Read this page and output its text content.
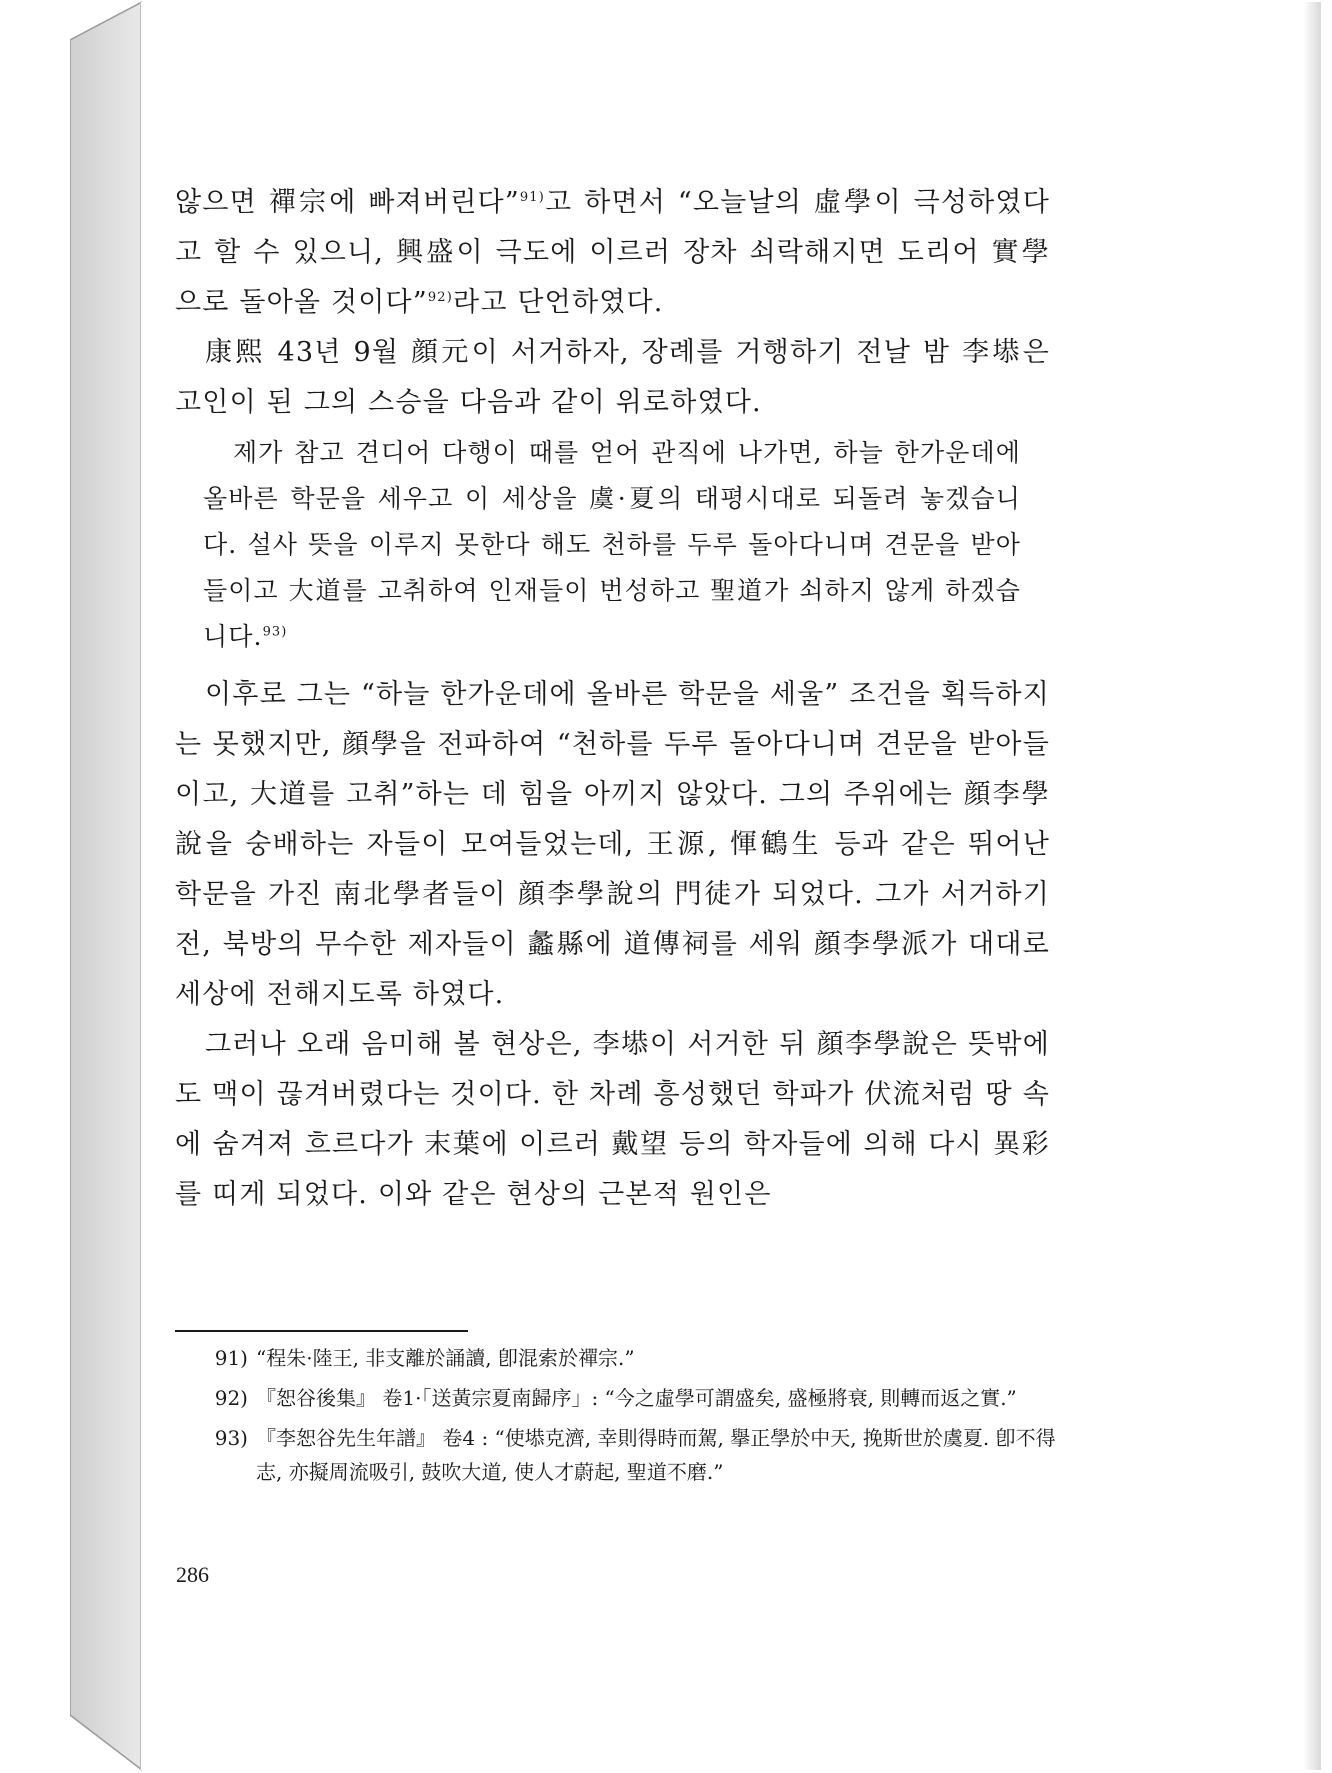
않으면 禪宗에 빠져버린다”$^{91)}$고 하면서 “오늘날의 虛學이 극성하였다고 할 수 있으니, 興盛이 극도에 이르러 장차 쇠락해지면 도리어 實學으로 돌아올 것이다”$^{92)}$라고 단언하였다.

康熙 43년 9월 顔元이 서거하자, 장례를 거행하기 전날 밤 李塨은 고인이 된 그의 스승을 다음과 같이 위로하였다.

제가 참고 견디어 다행이 때를 얻어 관직에 나가면, 하늘 한가운데에 올바른 학문을 세우고 이 세상을 虞·夏의 태평시대로 되돌려 놓겠습니다. 설사 뜻을 이루지 못한다 해도 천하를 두루 돌아다니며 견문을 받아들이고 大道를 고취하여 인재들이 번성하고 聖道가 쇠하지 않게 하겠습니다.$^{93)}$

이후로 그는 “하늘 한가운데에 올바른 학문을 세울” 조건을 획득하지는 못했지만, 顔學을 전파하여 “천하를 두루 돌아다니며 견문을 받아들이고, 大道를 고취”하는 데 힘을 아끼지 않았다. 그의 주위에는 顔李學說을 숭배하는 자들이 모여들었는데, 王源, 惲鶴生 등과 같은 뛰어난 학문을 가진 南北學者들이 顔李學說의 門徒가 되었다. 그가 서거하기 전, 북방의 무수한 제자들이 蠡縣에 道傳祠를 세워 顔李學派가 대대로 세상에 전해지도록 하였다.

그러나 오래 음미해 볼 현상은, 李塨이 서거한 뒤 顔李學說은 뜻밖에도 맥이 끊겨버렸다는 것이다. 한 차례 흥성했던 학파가 伏流처럼 땅 속에 숨겨져 흐르다가 末葉에 이르러 戴望 등의 학자들에 의해 다시 異彩를 띠게 되었다. 이와 같은 현상의 근본적 원인은

91) “程朱·陸王, 非支離於誦讀, 卽混索於禪宗.”
92) 『恕谷後集』 卷1·「送黃宗夏南歸序」: “今之虛學可謂盛矣, 盛極將衰, 則轉而返之實.”
93) 『李恕谷先生年譜』 卷4 : “使塨克濟, 幸則得時而駕, 擧正學於中天, 挽斯世於虞夏. 卽不得志, 亦擬周流吸引, 鼓吹大道, 使人才蔚起, 聖道不磨.”
286
